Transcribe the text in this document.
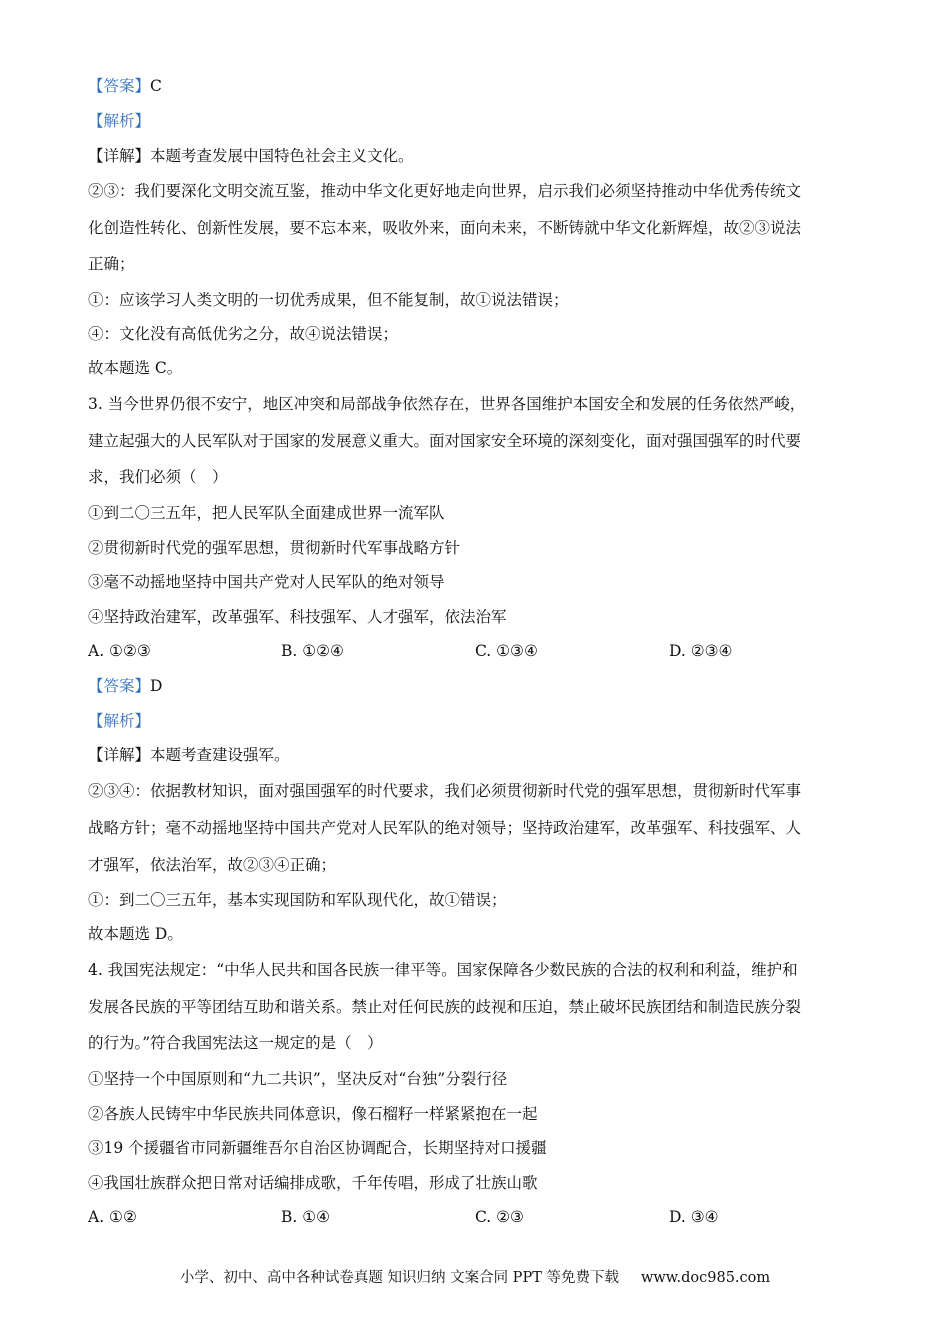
【答案】C
【解析】
【详解】本题考查发展中国特色社会主义文化。
②③：我们要深化文明交流互鉴，推动中华文化更好地走向世界，启示我们必须坚持推动中华优秀传统文
化创造性转化、创新性发展，要不忘本来，吸收外来，面向未来，不断铸就中华文化新辉煌，故②③说法
正确；
①：应该学习人类文明的一切优秀成果，但不能复制，故①说法错误；
④：文化没有高低优劣之分，故④说法错误；
故本题选 C。
3. 当今世界仍很不安宁，地区冲突和局部战争依然存在，世界各国维护本国安全和发展的任务依然严峻，
建立起强大的人民军队对于国家的发展意义重大。面对国家安全环境的深刻变化，面对强国强军的时代要
求，我们必须（　）
①到二〇三五年，把人民军队全面建成世界一流军队
②贯彻新时代党的强军思想，贯彻新时代军事战略方针
③毫不动摇地坚持中国共产党对人民军队的绝对领导
④坚持政治建军，改革强军、科技强军、人才强军，依法治军
A. ①②③	B. ①②④	C. ①③④	D. ②③④
【答案】D
【解析】
【详解】本题考查建设强军。
②③④：依据教材知识，面对强国强军的时代要求，我们必须贯彻新时代党的强军思想，贯彻新时代军事
战略方针；毫不动摇地坚持中国共产党对人民军队的绝对领导；坚持政治建军，改革强军、科技强军、人
才强军，依法治军，故②③④正确；
①：到二〇三五年，基本实现国防和军队现代化，故①错误；
故本题选 D。
4. 我国宪法规定：“中华人民共和国各民族一律平等。国家保障各少数民族的合法的权利和利益，维护和
发展各民族的平等团结互助和谐关系。禁止对任何民族的歧视和压迫，禁止破坏民族团结和制造民族分裂
的行为。”符合我国宪法这一规定的是（　）
①坚持一个中国原则和“九二共识”，坚决反对“台独”分裂行径
②各族人民铸牢中华民族共同体意识，像石榴籽一样紧紧抱在一起
③19 个援疆省市同新疆维吾尔自治区协调配合，长期坚持对口援疆
④我国壮族群众把日常对话编排成歌，千年传唱，形成了壮族山歌
A. ①②	B. ①④	C. ②③	D. ③④
小学、初中、高中各种试卷真题 知识归纳 文案合同 PPT 等免费下载 www.doc985.com
